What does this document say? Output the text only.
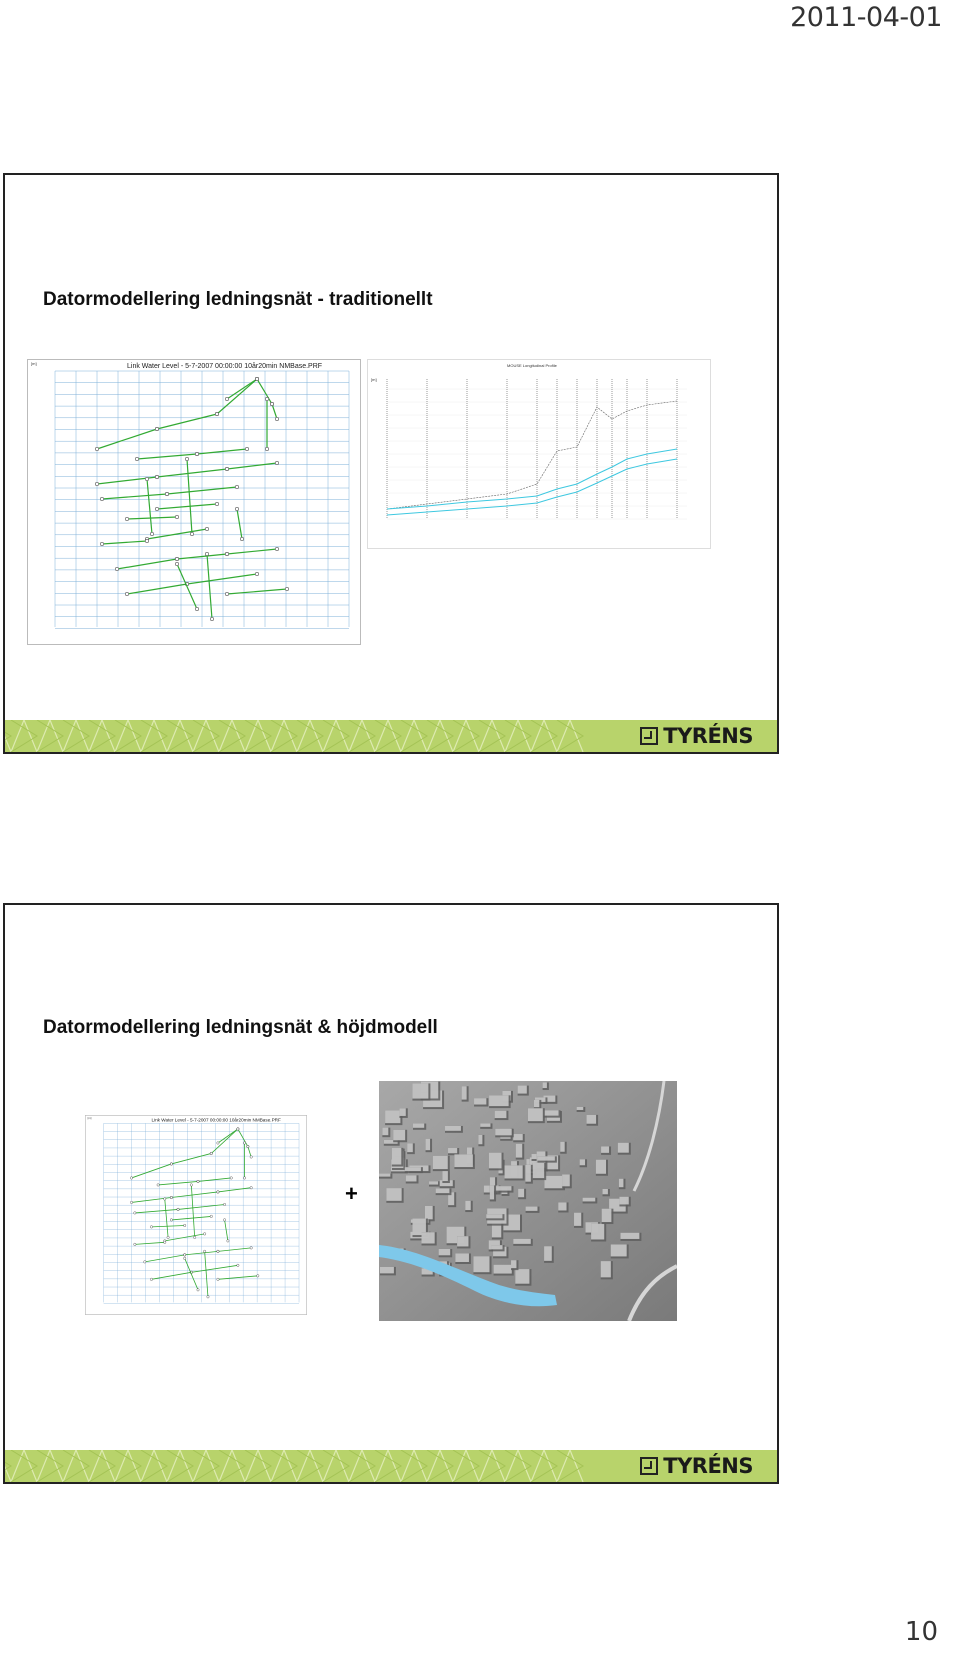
2011-04-01
Datormodellering ledningsnät - traditionellt
[m]	Link Water Level - 5-7-2007 00:00:00 10år20min NMBase.PRF	MOUSE Longitudinal Profile
[m]
TYRÉNS
Datormodellering ledningsnät & höjdmodell
[m]	Link Water Level - 5-7-2007 00:00:00 10år20min NMBase.PRF
+
TYRÉNS
10
